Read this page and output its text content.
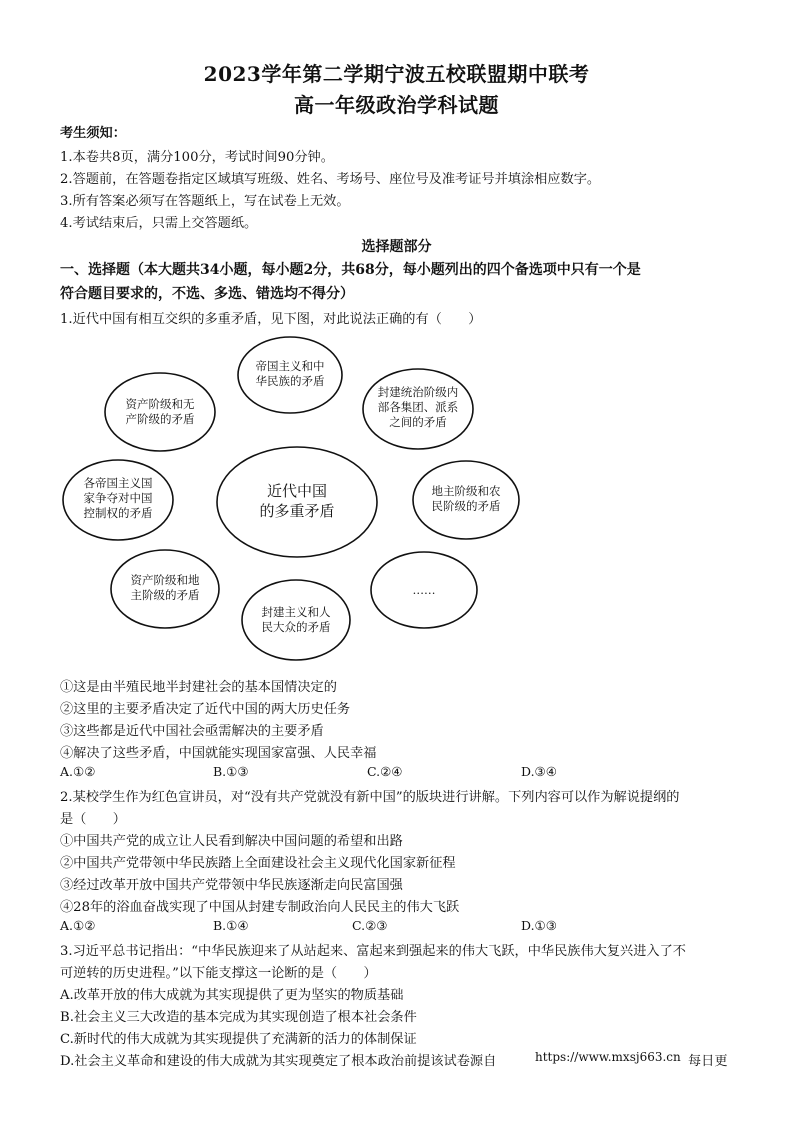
2023学年第二学期宁波五校联盟期中联考
高一年级政治学科试题
考生须知：
1.本卷共8页，满分100分，考试时间90分钟。
2.答题前，在答题卷指定区域填写班级、姓名、考场号、座位号及准考证号并填涂相应数字。
3.所有答案必须写在答题纸上，写在试卷上无效。
4.考试结束后，只需上交答题纸。
选择题部分
一、选择题（本大题共34小题，每小题2分，共68分，每小题列出的四个备选项中只有一个是
符合题目要求的，不选、多选、错选均不得分）
1.近代中国有相互交织的多重矛盾，见下图，对此说法正确的有（　　）
近代中国
的多重矛盾
帝国主义和中
华民族的矛盾
封建统治阶级内
部各集团、派系
之间的矛盾
地主阶级和农
民阶级的矛盾
……
封建主义和人
民大众的矛盾
资产阶级和地
主阶级的矛盾
各帝国主义国
家争夺对中国
控制权的矛盾
资产阶级和无
产阶级的矛盾
①这是由半殖民地半封建社会的基本国情决定的
②这里的主要矛盾决定了近代中国的两大历史任务
③这些都是近代中国社会亟需解决的主要矛盾
④解决了这些矛盾，中国就能实现国家富强、人民幸福
A.①②	B.①③	C.②④	D.③④
2.某校学生作为红色宣讲员，对“没有共产党就没有新中国”的版块进行讲解。下列内容可以作为解说提纲的
是（　　）
①中国共产党的成立让人民看到解决中国问题的希望和出路
②中国共产党带领中华民族踏上全面建设社会主义现代化国家新征程
③经过改革开放中国共产党带领中华民族逐渐走向民富国强
④28年的浴血奋战实现了中国从封建专制政治向人民民主的伟大飞跃
A.①②	B.①④	C.②③	D.①③
3.习近平总书记指出：“中华民族迎来了从站起来、富起来到强起来的伟大飞跃，中华民族伟大复兴进入了不
可逆转的历史进程。”以下能支撑这一论断的是（　　）
A.改革开放的伟大成就为其实现提供了更为坚实的物质基础
B.社会主义三大改造的基本完成为其实现创造了根本社会条件
C.新时代的伟大成就为其实现提供了充满新的活力的体制保证
D.社会主义革命和建设的伟大成就为其实现奠定了根本政治前提该试卷源自	https://www.mxsj663.cn 每日更
